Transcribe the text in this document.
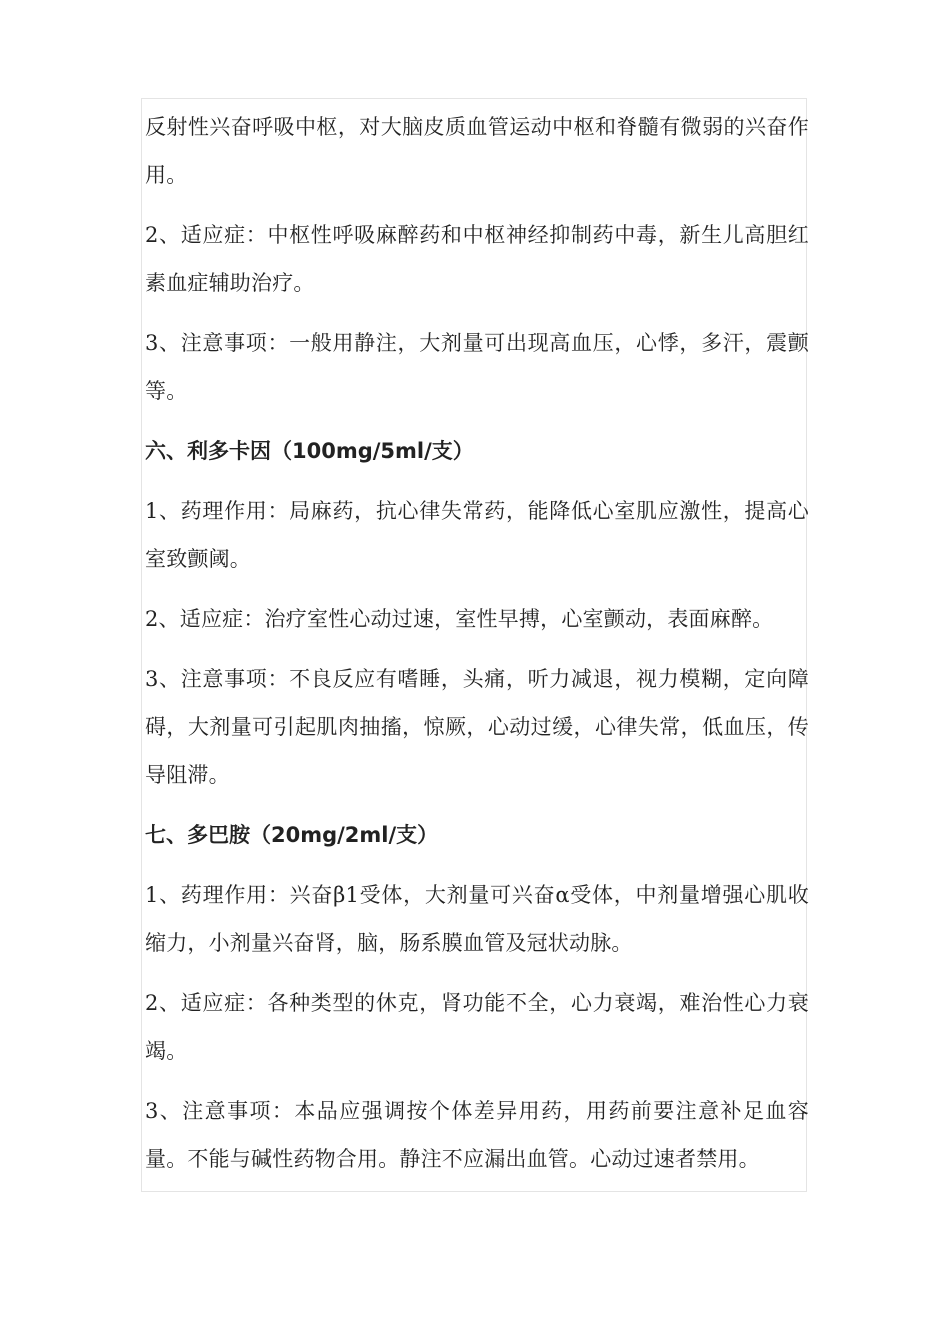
反射性兴奋呼吸中枢，对大脑皮质血管运动中枢和脊髓有微弱的兴奋作用。

2、适应症：中枢性呼吸麻醉药和中枢神经抑制药中毒，新生儿高胆红素血症辅助治疗。

3、注意事项：一般用静注，大剂量可出现高血压，心悸，多汗，震颤等。

六、利多卡因（100mg/5ml/支）

1、药理作用：局麻药，抗心律失常药，能降低心室肌应激性，提高心室致颤阈。

2、适应症：治疗室性心动过速，室性早搏，心室颤动，表面麻醉。

3、注意事项：不良反应有嗜睡，头痛，听力减退，视力模糊，定向障碍，大剂量可引起肌肉抽搐，惊厥，心动过缓，心律失常，低血压，传导阻滞。

七、多巴胺（20mg/2ml/支）

1、药理作用：兴奋β1受体，大剂量可兴奋α受体，中剂量增强心肌收缩力，小剂量兴奋肾，脑，肠系膜血管及冠状动脉。

2、适应症：各种类型的休克，肾功能不全，心力衰竭，难治性心力衰竭。

3、注意事项：本品应强调按个体差异用药，用药前要注意补足血容量。不能与碱性药物合用。静注不应漏出血管。心动过速者禁用。
